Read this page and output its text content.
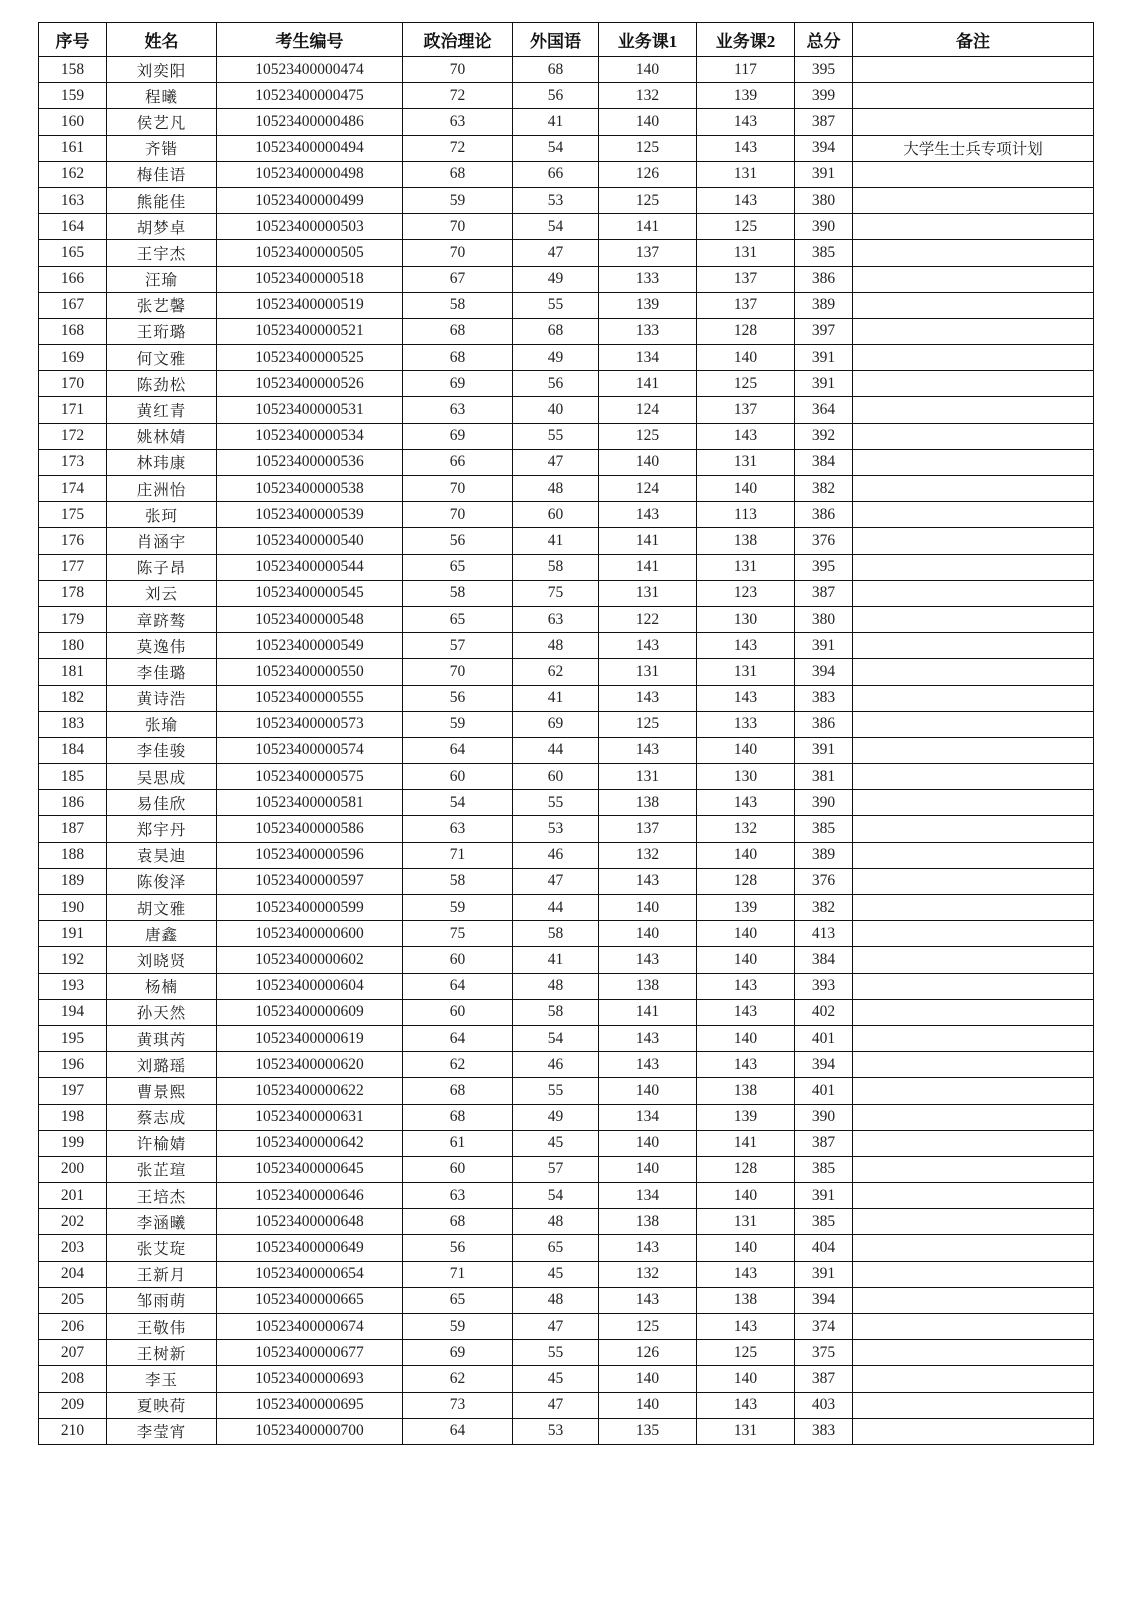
序号	姓名	考生编号	政治理论	外国语	业务课1	业务课2	总分	备注
158	刘奕阳	10523400000474	70	68	140	117	395	
159	程曦	10523400000475	72	56	132	139	399	
160	侯艺凡	10523400000486	63	41	140	143	387	
161	齐锴	10523400000494	72	54	125	143	394	大学生士兵专项计划
162	梅佳语	10523400000498	68	66	126	131	391	
163	熊能佳	10523400000499	59	53	125	143	380	
164	胡梦卓	10523400000503	70	54	141	125	390	
165	王宇杰	10523400000505	70	47	137	131	385	
166	汪瑜	10523400000518	67	49	133	137	386	
167	张艺馨	10523400000519	58	55	139	137	389	
168	王珩璐	10523400000521	68	68	133	128	397	
169	何文雅	10523400000525	68	49	134	140	391	
170	陈劲松	10523400000526	69	56	141	125	391	
171	黄红青	10523400000531	63	40	124	137	364	
172	姚林婧	10523400000534	69	55	125	143	392	
173	林玮康	10523400000536	66	47	140	131	384	
174	庄洲怡	10523400000538	70	48	124	140	382	
175	张珂	10523400000539	70	60	143	113	386	
176	肖涵宇	10523400000540	56	41	141	138	376	
177	陈子昂	10523400000544	65	58	141	131	395	
178	刘云	10523400000545	58	75	131	123	387	
179	章跻骜	10523400000548	65	63	122	130	380	
180	莫逸伟	10523400000549	57	48	143	143	391	
181	李佳璐	10523400000550	70	62	131	131	394	
182	黄诗浩	10523400000555	56	41	143	143	383	
183	张瑜	10523400000573	59	69	125	133	386	
184	李佳骏	10523400000574	64	44	143	140	391	
185	吴思成	10523400000575	60	60	131	130	381	
186	易佳欣	10523400000581	54	55	138	143	390	
187	郑宇丹	10523400000586	63	53	137	132	385	
188	袁昊迪	10523400000596	71	46	132	140	389	
189	陈俊泽	10523400000597	58	47	143	128	376	
190	胡文雅	10523400000599	59	44	140	139	382	
191	唐鑫	10523400000600	75	58	140	140	413	
192	刘晓贤	10523400000602	60	41	143	140	384	
193	杨楠	10523400000604	64	48	138	143	393	
194	孙天然	10523400000609	60	58	141	143	402	
195	黄琪芮	10523400000619	64	54	143	140	401	
196	刘璐瑶	10523400000620	62	46	143	143	394	
197	曹景熙	10523400000622	68	55	140	138	401	
198	蔡志成	10523400000631	68	49	134	139	390	
199	许榆婧	10523400000642	61	45	140	141	387	
200	张芷瑄	10523400000645	60	57	140	128	385	
201	王培杰	10523400000646	63	54	134	140	391	
202	李涵曦	10523400000648	68	48	138	131	385	
203	张艾琁	10523400000649	56	65	143	140	404	
204	王新月	10523400000654	71	45	132	143	391	
205	邹雨萌	10523400000665	65	48	143	138	394	
206	王敬伟	10523400000674	59	47	125	143	374	
207	王树新	10523400000677	69	55	126	125	375	
208	李玉	10523400000693	62	45	140	140	387	
209	夏映荷	10523400000695	73	47	140	143	403	
210	李莹宵	10523400000700	64	53	135	131	383	
